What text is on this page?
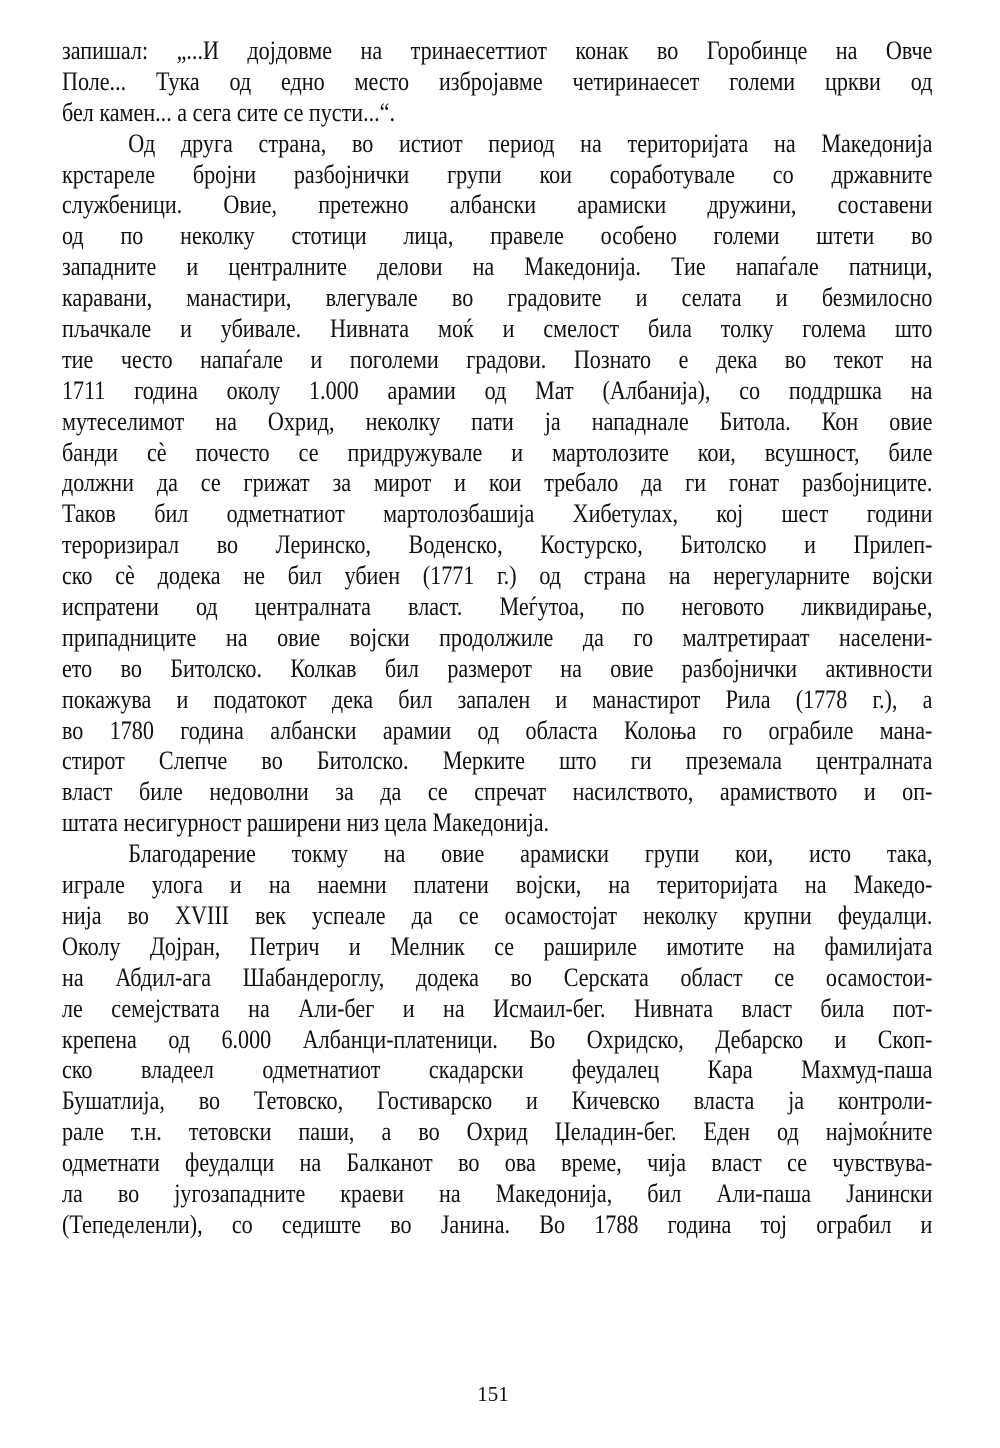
запишал: „...И дојдовме на тринаесеттиот конак во Горобинце на Овче
Поле... Тука од едно место избројавме четиринаесет големи цркви од
бел камен... а сега сите се пусти...“.
Од друга страна, во истиот период на територијата на Македонија
крстареле бројни разбојнички групи кои соработувале со државните
службеници. Овие, претежно албански арамиски дружини, составени
од по неколку стотици лица, правеле особено големи штети во
западните и централните делови на Македонија. Тие напаѓале патници,
каравани, манастири, влегувале во градовите и селата и безмилосно
пљачкале и убивале. Нивната моќ и смелост била толку голема што
тие често напаѓале и поголеми градови. Познато е дека во текот на
1711 година околу 1.000 арамии од Мат (Албанија), со поддршка на
мутеселимот на Охрид, неколку пати ја нападнале Битола. Кон овие
банди сè почесто се придружувале и мартолозите кои, всушност, биле
должни да се грижат за мирот и кои требало да ги гонат разбојниците.
Таков бил одметнатиот мартолозбашија Хибетулах, кој шест години
тероризирал во Леринско, Воденско, Костурско, Битолско и Прилеп-
ско сè додека не бил убиен (1771 г.) од страна на нерегуларните војски
испратени од централната власт. Меѓутоа, по неговото ликвидирање,
припадниците на овие војски продолжиле да го малтретираат населени-
ето во Битолско. Колкав бил размерот на овие разбојнички активности
покажува и податокот дека бил запален и манастирот Рила (1778 г.), а
во 1780 година албански арамии од областа Колоња го ограбиле мана-
стирот Слепче во Битолско. Мерките што ги преземала централната
власт биле недоволни за да се спречат насилството, арамиството и оп-
штата несигурност раширени низ цела Македонија.
Благодарение токму на овие арамиски групи кои, исто така,
играле улога и на наемни платени војски, на територијата на Македо-
нија во XVIII век успеале да се осамостојат неколку крупни феудалци.
Околу Дојран, Петрич и Мелник се рашириле имотите на фамилијата
на Абдил-ага Шабандероглу, додека во Серската област се осамостои-
ле семејствата на Али-бег и на Исмаил-бег. Нивната власт била пот-
крепена од 6.000 Албанци-платеници. Во Охридско, Дебарско и Скоп-
ско владеел одметнатиот скадарски феудалец Кара Махмуд-паша
Бушатлија, во Тетовско, Гостиварско и Кичевско власта ја контроли-
рале т.н. тетовски паши, а во Охрид Џеладин-бег. Еден од најмоќните
одметнати феудалци на Балканот во ова време, чија власт се чувствува-
ла во југозападните краеви на Македонија, бил Али-паша Јанински
(Тепеделенли), со седиштe во Јанина. Во 1788 година тој ограбил и
151
